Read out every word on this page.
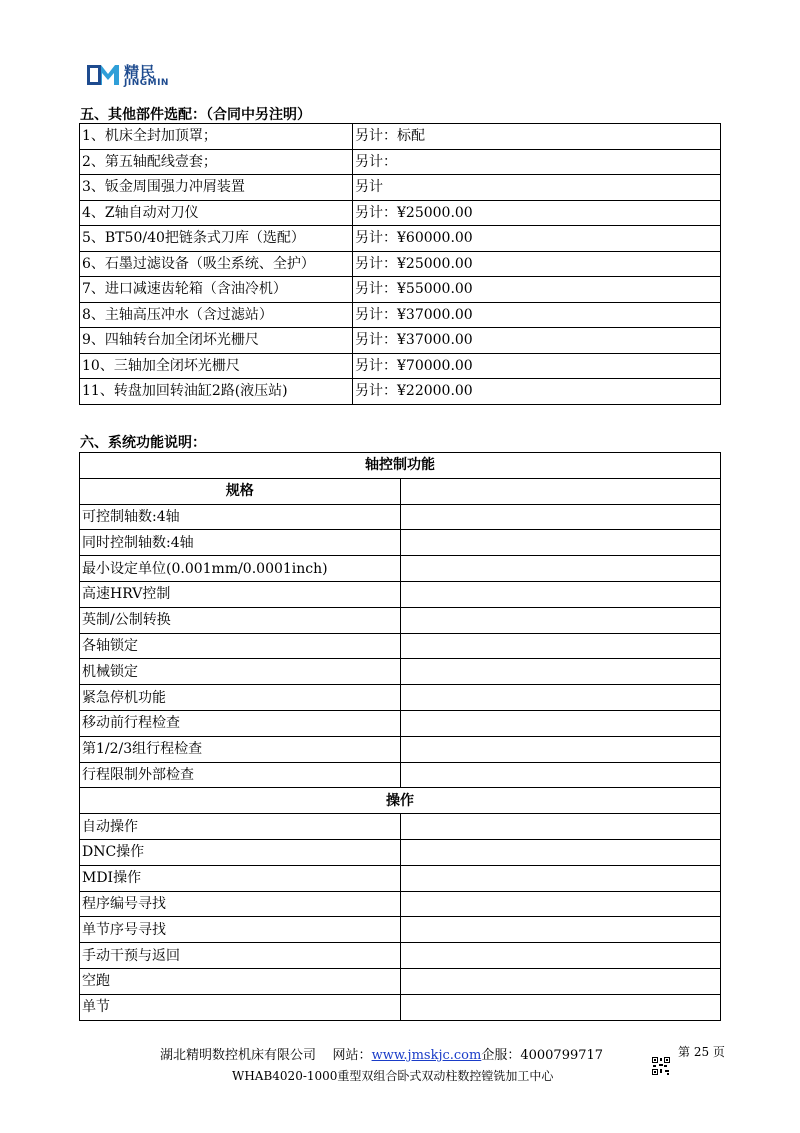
精民
JINGMIN
五、其他部件选配：（合同中另注明）
1、机床全封加顶罩；	另计：标配
2、第五轴配线壹套；	另计：
3、钣金周围强力冲屑装置	另计
4、Z轴自动对刀仪	另计：¥25000.00
5、BT50/40把链条式刀库（选配）	另计：¥60000.00
6、石墨过滤设备（吸尘系统、全护）	另计：¥25000.00
7、进口减速齿轮箱（含油冷机）	另计：¥55000.00
8、主轴高压冲水（含过滤站）	另计：¥37000.00
9、四轴转台加全闭坏光栅尺	另计：¥37000.00
10、三轴加全闭坏光栅尺	另计：¥70000.00
11、转盘加回转油缸2路(液压站)	另计：¥22000.00
六、系统功能说明：
轴控制功能	
规格	
可控制轴数:4轴	
同时控制轴数:4轴	
最小设定单位(0.001mm/0.0001inch)	
高速HRV控制	
英制/公制转换	
各轴锁定	
机械锁定	
紧急停机功能	
移动前行程检查	
第1/2/3组行程检查	
行程限制外部检查	
操作	
自动操作	
DNC操作	
MDI操作	
程序编号寻找	
单节序号寻找	
手动干预与返回	
空跑	
单节	
湖北精明数控机床有限公司 网站：www.jmskjc.com企服：4000799717	第 25 页
WHAB4020-1000重型双组合卧式双动柱数控镗铣加工中心
